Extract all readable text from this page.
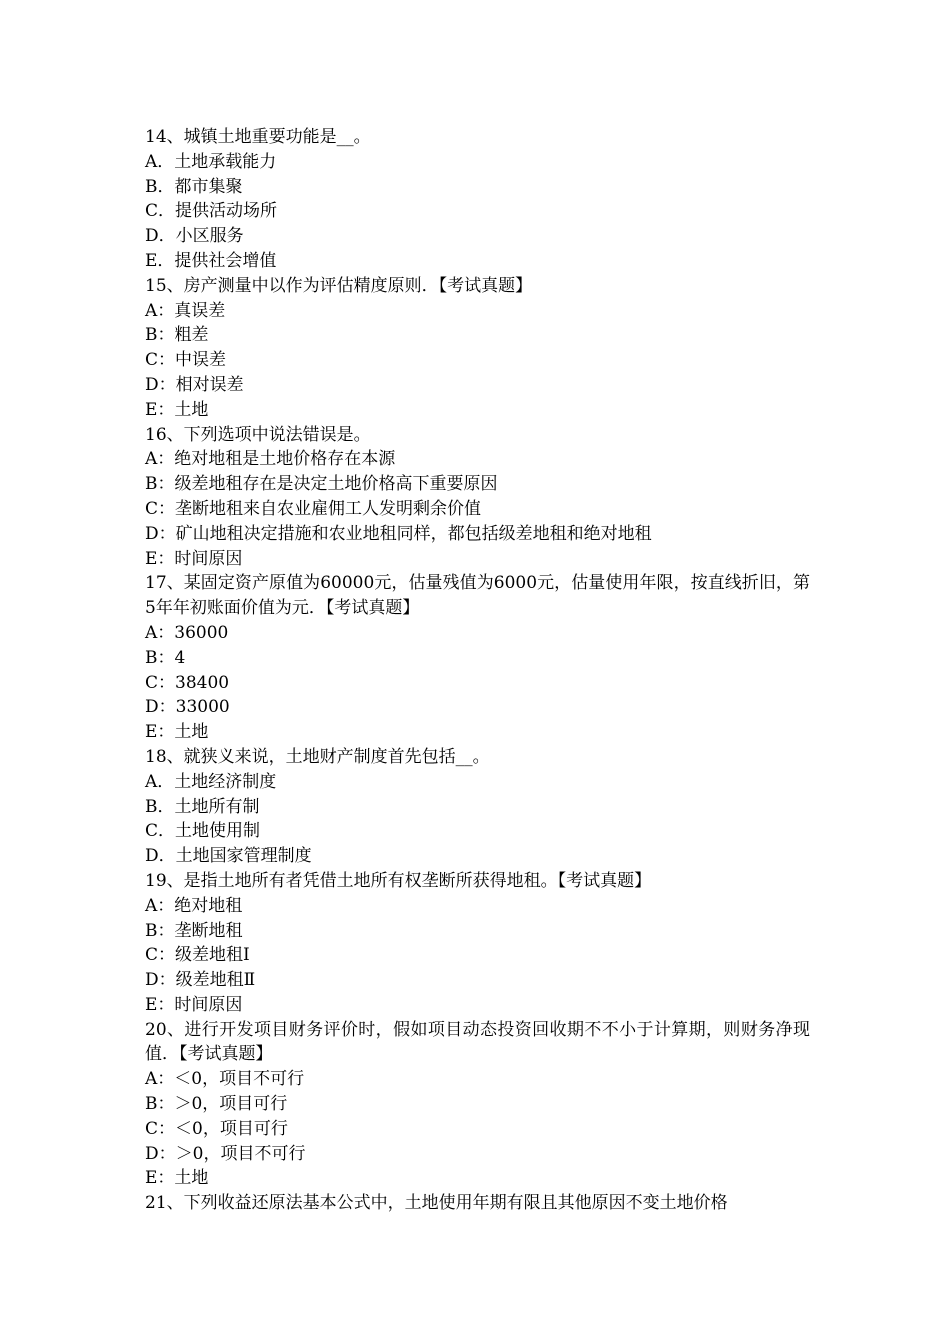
14、城镇土地重要功能是__。

A．土地承载能力

B．都市集聚

C．提供活动场所

D．小区服务

E．提供社会增值

15、房产测量中以作为评估精度原则．【考试真题】

A：真误差

B：粗差

C：中误差

D：相对误差

E：土地

16、下列选项中说法错误是。

A：绝对地租是土地价格存在本源

B：级差地租存在是决定土地价格高下重要原因

C：垄断地租来自农业雇佣工人发明剩余价值

D：矿山地租决定措施和农业地租同样，都包括级差地租和绝对地租

E：时间原因

17、某固定资产原值为60000元，估量残值为6000元，估量使用年限，按直线折旧，第5年年初账面价值为元．【考试真题】

A：36000

B：4

C：38400

D：33000

E：土地

18、就狭义来说，土地财产制度首先包括__。

A．土地经济制度

B．土地所有制

C．土地使用制

D．土地国家管理制度

19、是指土地所有者凭借土地所有权垄断所获得地租。【考试真题】

A：绝对地租

B：垄断地租

C：级差地租Ⅰ

D：级差地租Ⅱ

E：时间原因

20、进行开发项目财务评价时，假如项目动态投资回收期不不小于计算期，则财务净现值．【考试真题】

A：＜0，项目不可行

B：＞0，项目可行

C：＜0，项目可行

D：＞0，项目不可行

E：土地

21、下列收益还原法基本公式中，土地使用年期有限且其他原因不变土地价格
